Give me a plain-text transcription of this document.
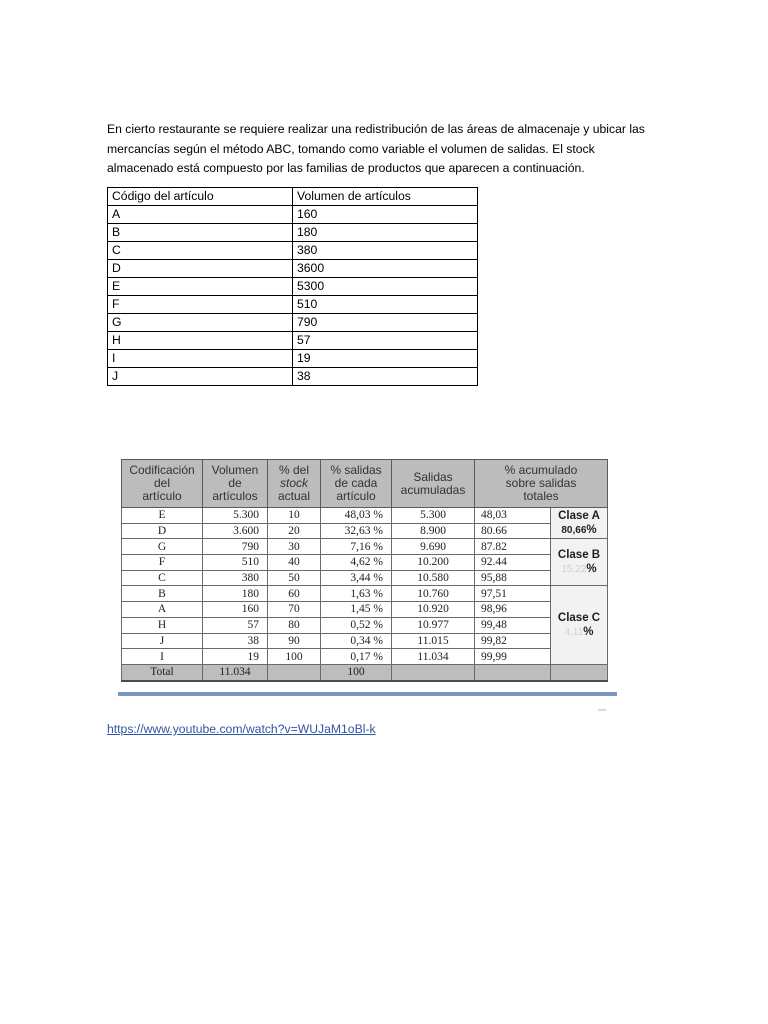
En cierto restaurante se requiere realizar una redistribución de las áreas de almacenaje y ubicar las
mercancías según el método ABC, tomando como variable el volumen de salidas. El stock
almacenado está compuesto por las familias de productos que aparecen a continuación.

Código del artículo	Volumen de artículos
A	160
B	180
C	380
D	3600
E	5300
F	510
G	790
H	57
I	19
J	38
Codificación
del
artículo	Volumen
de
artículos	% del
stock
actual	% salidas
de cada
artículo	Salidas
acumuladas	% acumulado
sobre salidas
totales	
E	5.300	10	48,03 %	5.300	48,03	Clase A
80,66%
D	3.600	20	32,63 %	8.900	80.66	
G	790	30	7,16 %	9.690	87.82	Clase B
15,22%
F	510	40	4,62 %	10.200	92.44	
C	380	50	3,44 %	10.580	95,88	
B	180	60	1,63 %	10.760	97,51	Clase C
4,11%
A	160	70	1,45 %	10.920	98,96	
H	57	80	0,52 %	10.977	99,48	
J	38	90	0,34 %	11.015	99,82	
I	19	100	0,17 %	11.034	99,99	
Total	11.034		100			
https://www.youtube.com/watch?v=WUJaM1oBl-k
